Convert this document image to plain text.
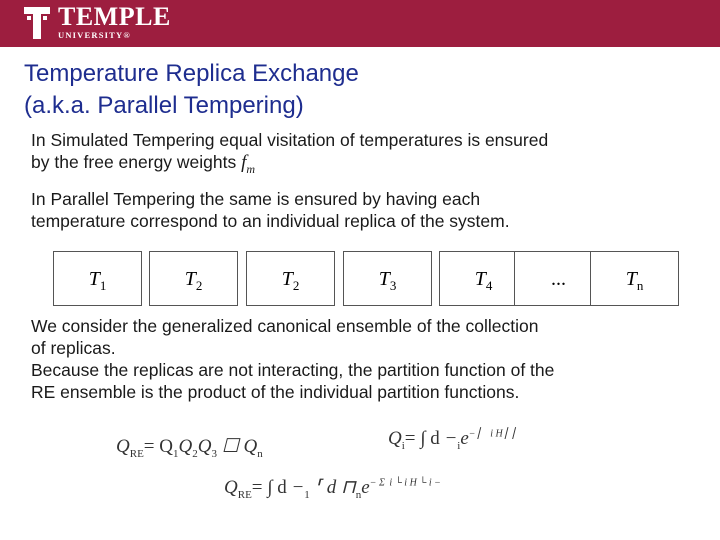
TEMPLE
UNIVERSITY®
Temperature Replica Exchange
(a.k.a. Parallel Tempering)
In Simulated Tempering equal visitation of temperatures is ensured
by the free energy weights $f_m$
In Parallel Tempering the same is ensured by having each
temperature correspond to an individual replica of the system.
$T_1$	$T_2$	$T_2$	$T_3$	$T_4$	...	$T_n$
We consider the generalized canonical ensemble of the collection
of replicas.
Because the replicas are not interacting, the partition function of the
RE ensemble is the product of the individual partition functions.
$Q_{RE}= Q_1Q_2Q_3$ ☐ $Q_n$
$Q_i=$ ∫ $d -_ie^{- ▏ i H ▏▏}$
$Q_{RE}=$ ∫ $d -_1$ ⸢ d $⊓_ne^{- \Sigma i └ i H └ i -}$
